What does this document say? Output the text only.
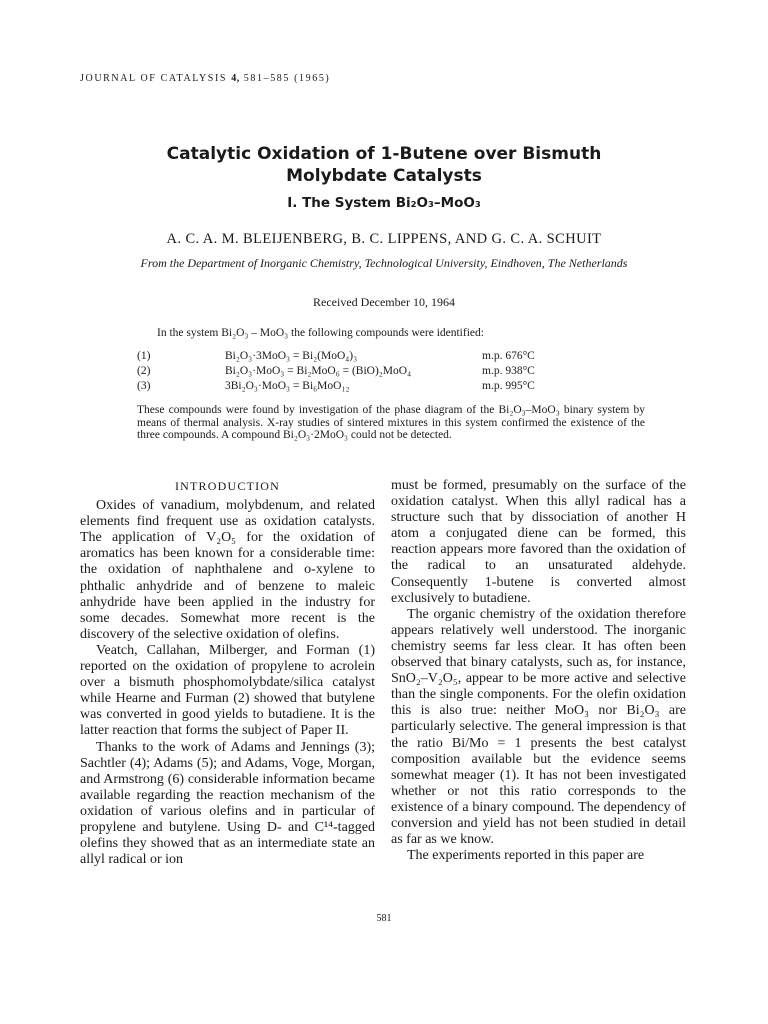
JOURNAL OF CATALYSIS 4, 581–585 (1965)
Catalytic Oxidation of 1-Butene over Bismuth
Molybdate Catalysts
I. The System Bi₂O₃–MoO₃
A. C. A. M. BLEIJENBERG, B. C. LIPPENS, AND G. C. A. SCHUIT
From the Department of Inorganic Chemistry, Technological University, Eindhoven, The Netherlands
Received December 10, 1964
In the system Bi₂O₃ – MoO₃ the following compounds were identified:
(1)	Bi₂O₃·3MoO₃ = Bi₂(MoO₄)₃	m.p. 676°C
(2)	Bi₂O₃·MoO₃ = Bi₂MoO₆ = (BiO)₂MoO₄	m.p. 938°C
(3)	3Bi₂O₃·MoO₃ = Bi₆MoO₁₂	m.p. 995°C
These compounds were found by investigation of the phase diagram of the Bi₂O₃–MoO₃ binary system by means of thermal analysis. X-ray studies of sintered mixtures in this system confirmed the existence of the three compounds. A compound Bi₂O₃·2MoO₃ could not be detected.
INTRODUCTION

Oxides of vanadium, molybdenum, and related elements find frequent use as oxidation catalysts. The application of V₂O₅ for the oxidation of aromatics has been known for a considerable time: the oxidation of naphthalene and o-xylene to phthalic anhydride and of benzene to maleic anhydride have been applied in the industry for some decades. Somewhat more recent is the discovery of the selective oxidation of olefins.

Veatch, Callahan, Milberger, and Forman (1) reported on the oxidation of propylene to acrolein over a bismuth phosphomolybdate/silica catalyst while Hearne and Furman (2) showed that butylene was converted in good yields to butadiene. It is the latter reaction that forms the subject of Paper II.

Thanks to the work of Adams and Jennings (3); Sachtler (4); Adams (5); and Adams, Voge, Morgan, and Armstrong (6) considerable information became available regarding the reaction mechanism of the oxidation of various olefins and in particular of propylene and butylene. Using D- and C¹⁴-tagged olefins they showed that as an intermediate state an allyl radical or ion

must be formed, presumably on the surface of the oxidation catalyst. When this allyl radical has a structure such that by dissociation of another H atom a conjugated diene can be formed, this reaction appears more favored than the oxidation of the radical to an unsaturated aldehyde. Consequently 1-butene is converted almost exclusively to butadiene.

The organic chemistry of the oxidation therefore appears relatively well understood. The inorganic chemistry seems far less clear. It has often been observed that binary catalysts, such as, for instance, SnO₂–V₂O₅, appear to be more active and selective than the single components. For the olefin oxidation this is also true: neither MoO₃ nor Bi₂O₃ are particularly selective. The general impression is that the ratio Bi/Mo = 1 presents the best catalyst composition available but the evidence seems somewhat meager (1). It has not been investigated whether or not this ratio corresponds to the existence of a binary compound. The dependency of conversion and yield has not been studied in detail as far as we know.

The experiments reported in this paper are

581
